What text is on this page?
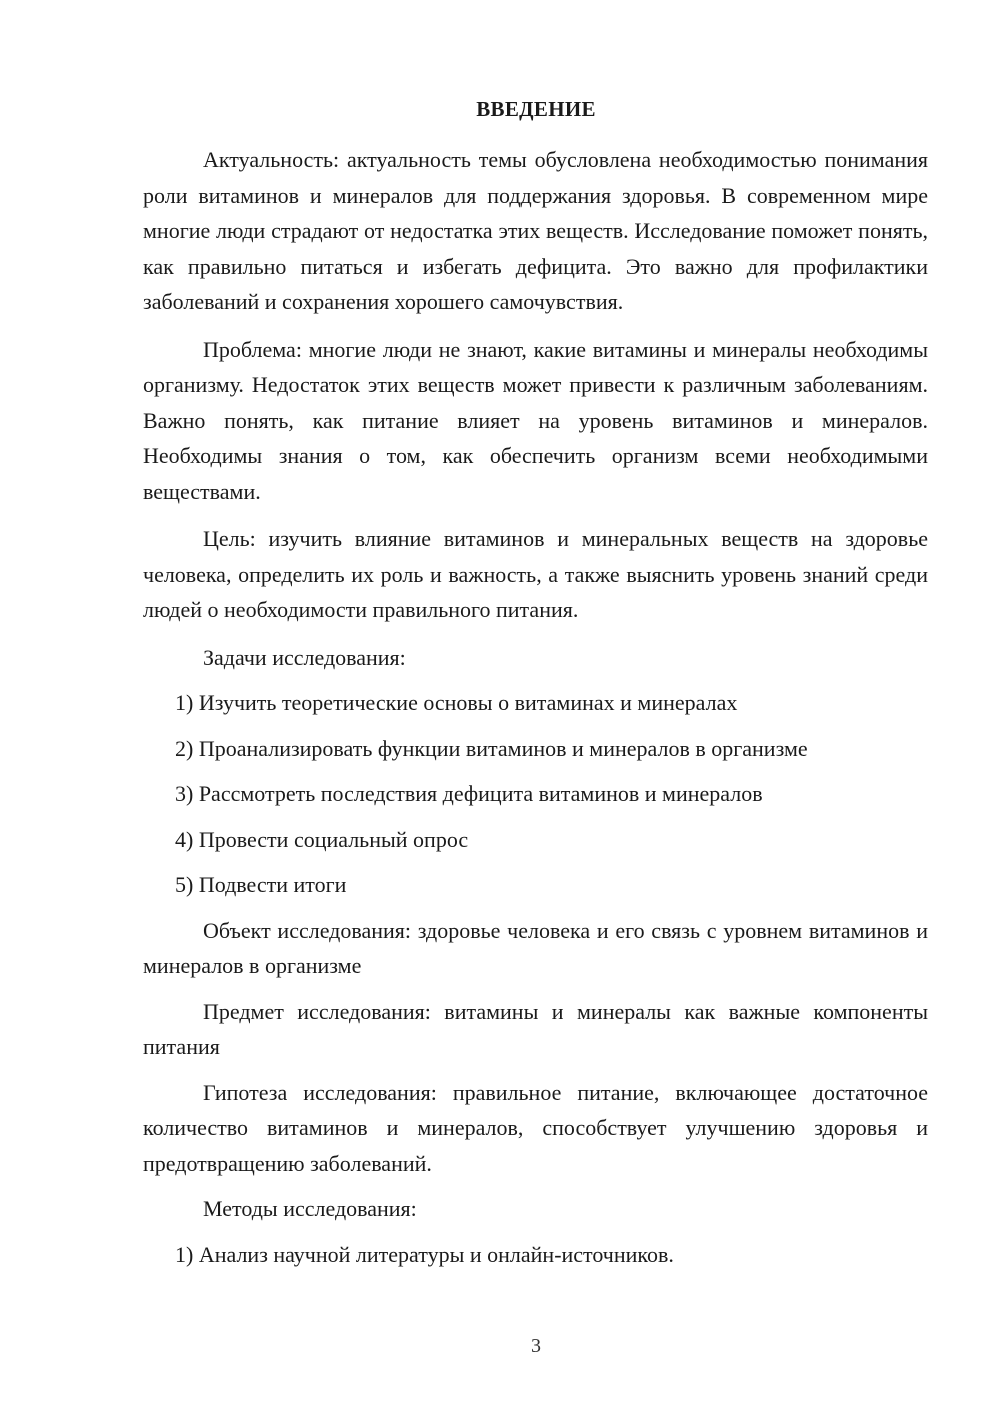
ВВЕДЕНИЕ

Актуальность: актуальность темы обусловлена необходимостью понимания роли витаминов и минералов для поддержания здоровья. В современном мире многие люди страдают от недостатка этих веществ. Исследование поможет понять, как правильно питаться и избегать дефицита. Это важно для профилактики заболеваний и сохранения хорошего самочувствия.

Проблема: многие люди не знают, какие витамины и минералы необходимы организму. Недостаток этих веществ может привести к различным заболеваниям. Важно понять, как питание влияет на уровень витаминов и минералов. Необходимы знания о том, как обеспечить организм всеми необходимыми веществами.

Цель: изучить влияние витаминов и минеральных веществ на здоровье человека, определить их роль и важность, а также выяснить уровень знаний среди людей о необходимости правильного питания.

Задачи исследования:

1) Изучить теоретические основы о витаминах и минералах
2) Проанализировать функции витаминов и минералов в организме
3) Рассмотреть последствия дефицита витаминов и минералов
4) Провести социальный опрос
5) Подвести итоги

Объект исследования: здоровье человека и его связь с уровнем витаминов и минералов в организме

Предмет исследования: витамины и минералы как важные компоненты питания

Гипотеза исследования: правильное питание, включающее достаточное количество витаминов и минералов, способствует улучшению здоровья и предотвращению заболеваний.

Методы исследования:

1) Анализ научной литературы и онлайн-источников.
3
